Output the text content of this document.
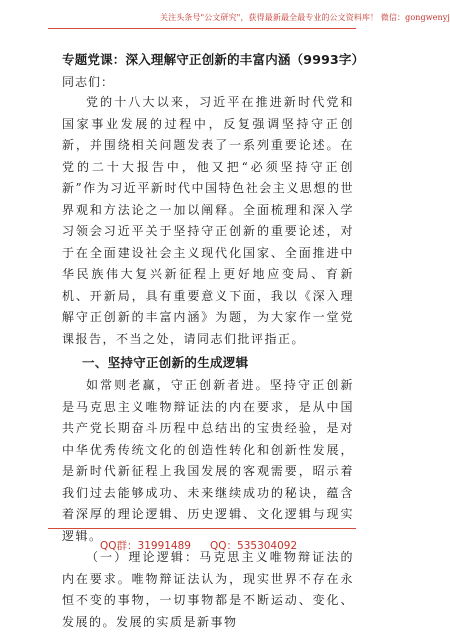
关注头条号"公文研究"，获得最新最全最专业的公文资料库！ 微信：gongwenyj
专题党课：深入理解守正创新的丰富内涵（9993字）
同志们：

党的十八大以来，习近平在推进新时代党和国家事业发展的过程中，反复强调坚持守正创新，并围绕相关问题发表了一系列重要论述。在党的二十大报告中，他又把“必须坚持守正创新”作为习近平新时代中国特色社会主义思想的世界观和方法论之一加以阐释。全面梳理和深入学习领会习近平关于坚持守正创新的重要论述，对于在全面建设社会主义现代化国家、全面推进中华民族伟大复兴新征程上更好地应变局、育新机、开新局，具有重要意义下面，我以《深入理解守正创新的丰富内涵》为题，为大家作一堂党课报告，不当之处，请同志们批评指正。

一、坚持守正创新的生成逻辑

如常则老赢，守正创新者进。坚持守正创新是马克思主义唯物辩证法的内在要求，是从中国共产党长期奋斗历程中总结出的宝贵经验，是对中华优秀传统文化的创造性转化和创新性发展，是新时代新征程上我国发展的客观需要，昭示着我们过去能够成功、未来继续成功的秘诀，蕴含着深厚的理论逻辑、历史逻辑、文化逻辑与现实逻辑。

（一）理论逻辑：马克思主义唯物辩证法的内在要求。唯物辩证法认为，现实世界不存在永恒不变的事物，一切事物都是不断运动、变化、发展的。发展的实质是新事物

QQ群：31991489 QQ：535304092
